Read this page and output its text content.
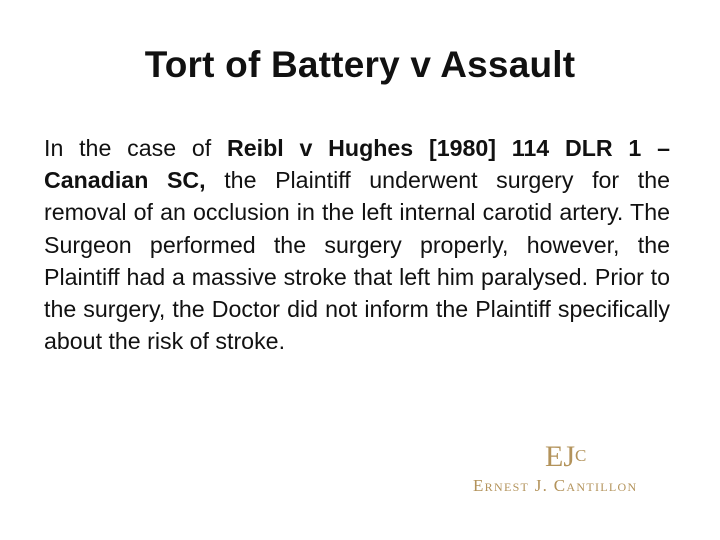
Tort of Battery v Assault

In the case of Reibl v Hughes [1980] 114 DLR 1 – Canadian SC, the Plaintiff underwent surgery for the removal of an occlusion in the left internal carotid artery. The Surgeon performed the surgery properly, however, the Plaintiff had a massive stroke that left him paralysed. Prior to the surgery, the Doctor did not inform the Plaintiff specifically about the risk of stroke.

$EJ^C$
Ernest J. Cantillon
